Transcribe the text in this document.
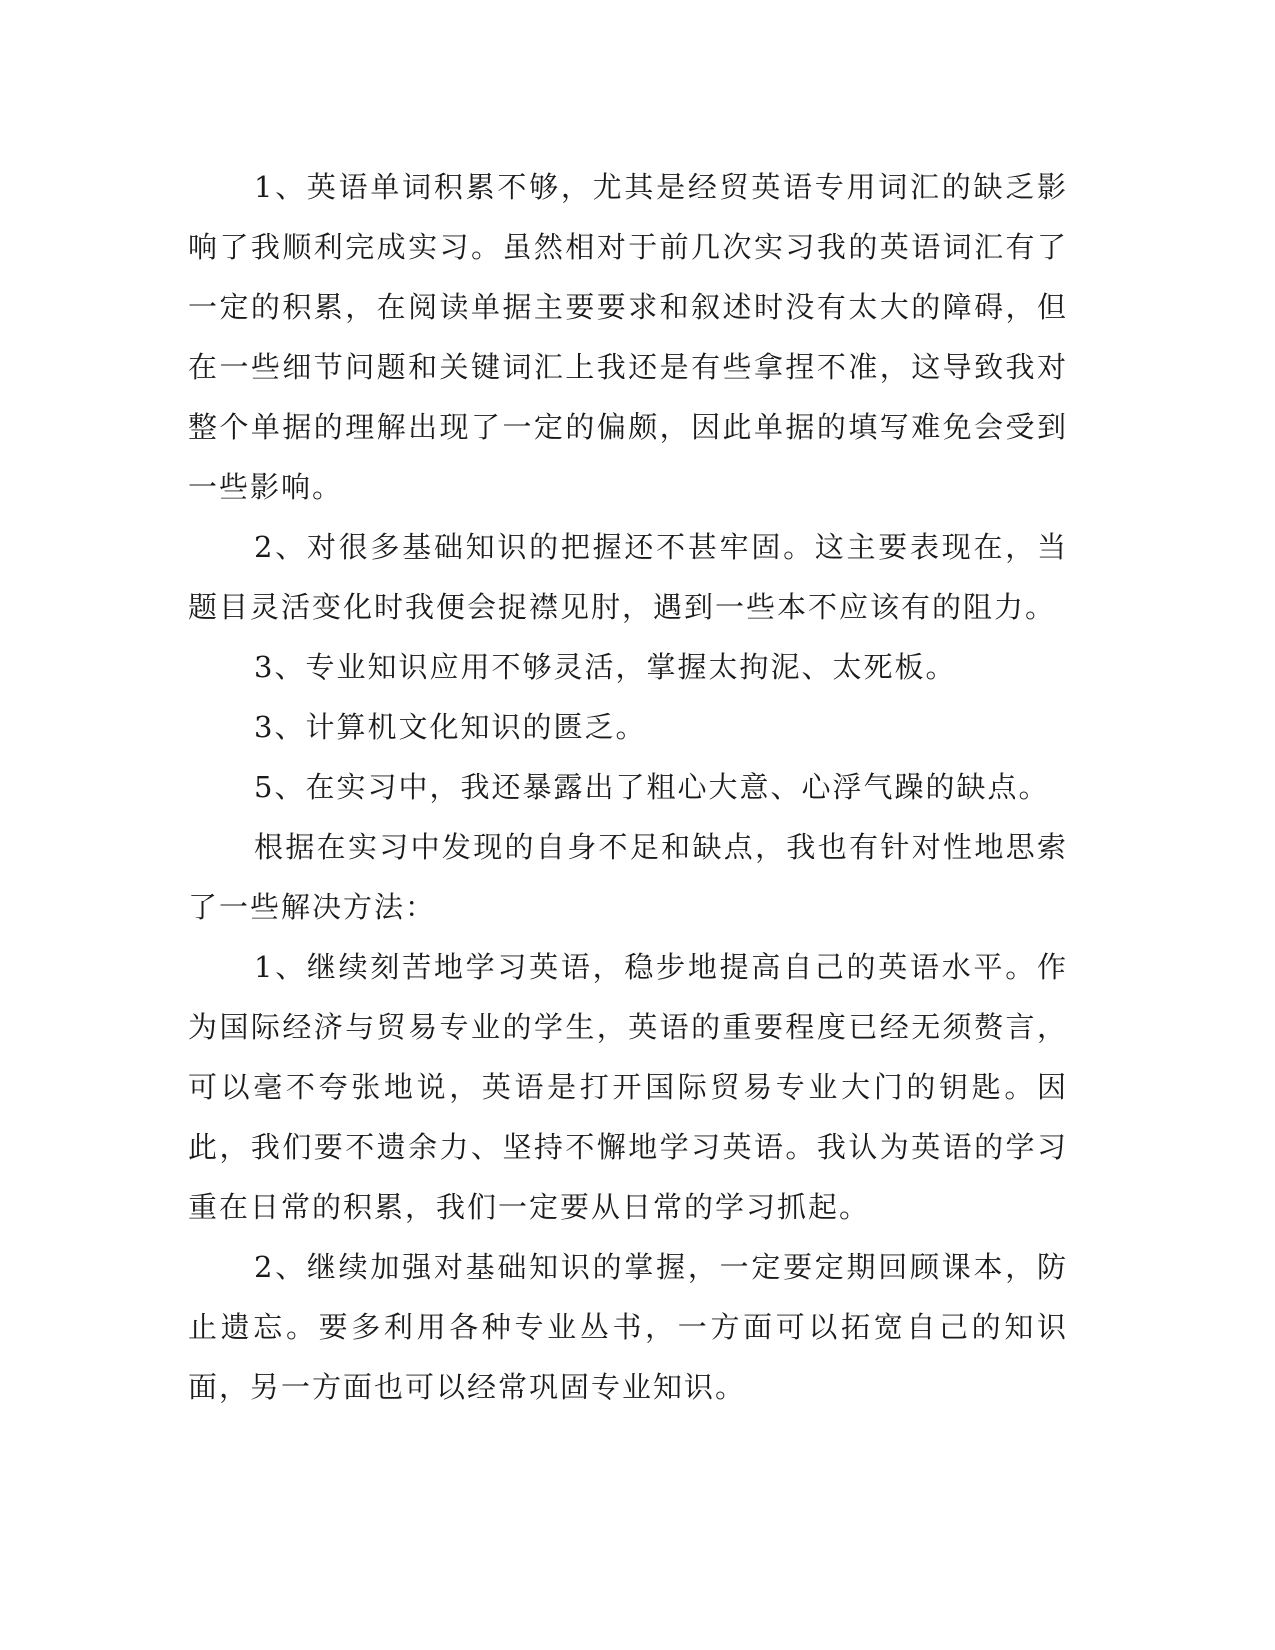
1、英语单词积累不够，尤其是经贸英语专用词汇的缺乏影响了我顺利完成实习。虽然相对于前几次实习我的英语词汇有了一定的积累，在阅读单据主要要求和叙述时没有太大的障碍，但在一些细节问题和关键词汇上我还是有些拿捏不准，这导致我对整个单据的理解出现了一定的偏颇，因此单据的填写难免会受到一些影响。

2、对很多基础知识的把握还不甚牢固。这主要表现在，当题目灵活变化时我便会捉襟见肘，遇到一些本不应该有的阻力。

3、专业知识应用不够灵活，掌握太拘泥、太死板。

3、计算机文化知识的匮乏。

5、在实习中，我还暴露出了粗心大意、心浮气躁的缺点。

根据在实习中发现的自身不足和缺点，我也有针对性地思索了一些解决方法：

1、继续刻苦地学习英语，稳步地提高自己的英语水平。作为国际经济与贸易专业的学生，英语的重要程度已经无须赘言，可以毫不夸张地说，英语是打开国际贸易专业大门的钥匙。因此，我们要不遗余力、坚持不懈地学习英语。我认为英语的学习重在日常的积累，我们一定要从日常的学习抓起。

2、继续加强对基础知识的掌握，一定要定期回顾课本，防止遗忘。要多利用各种专业丛书，一方面可以拓宽自己的知识面，另一方面也可以经常巩固专业知识。
